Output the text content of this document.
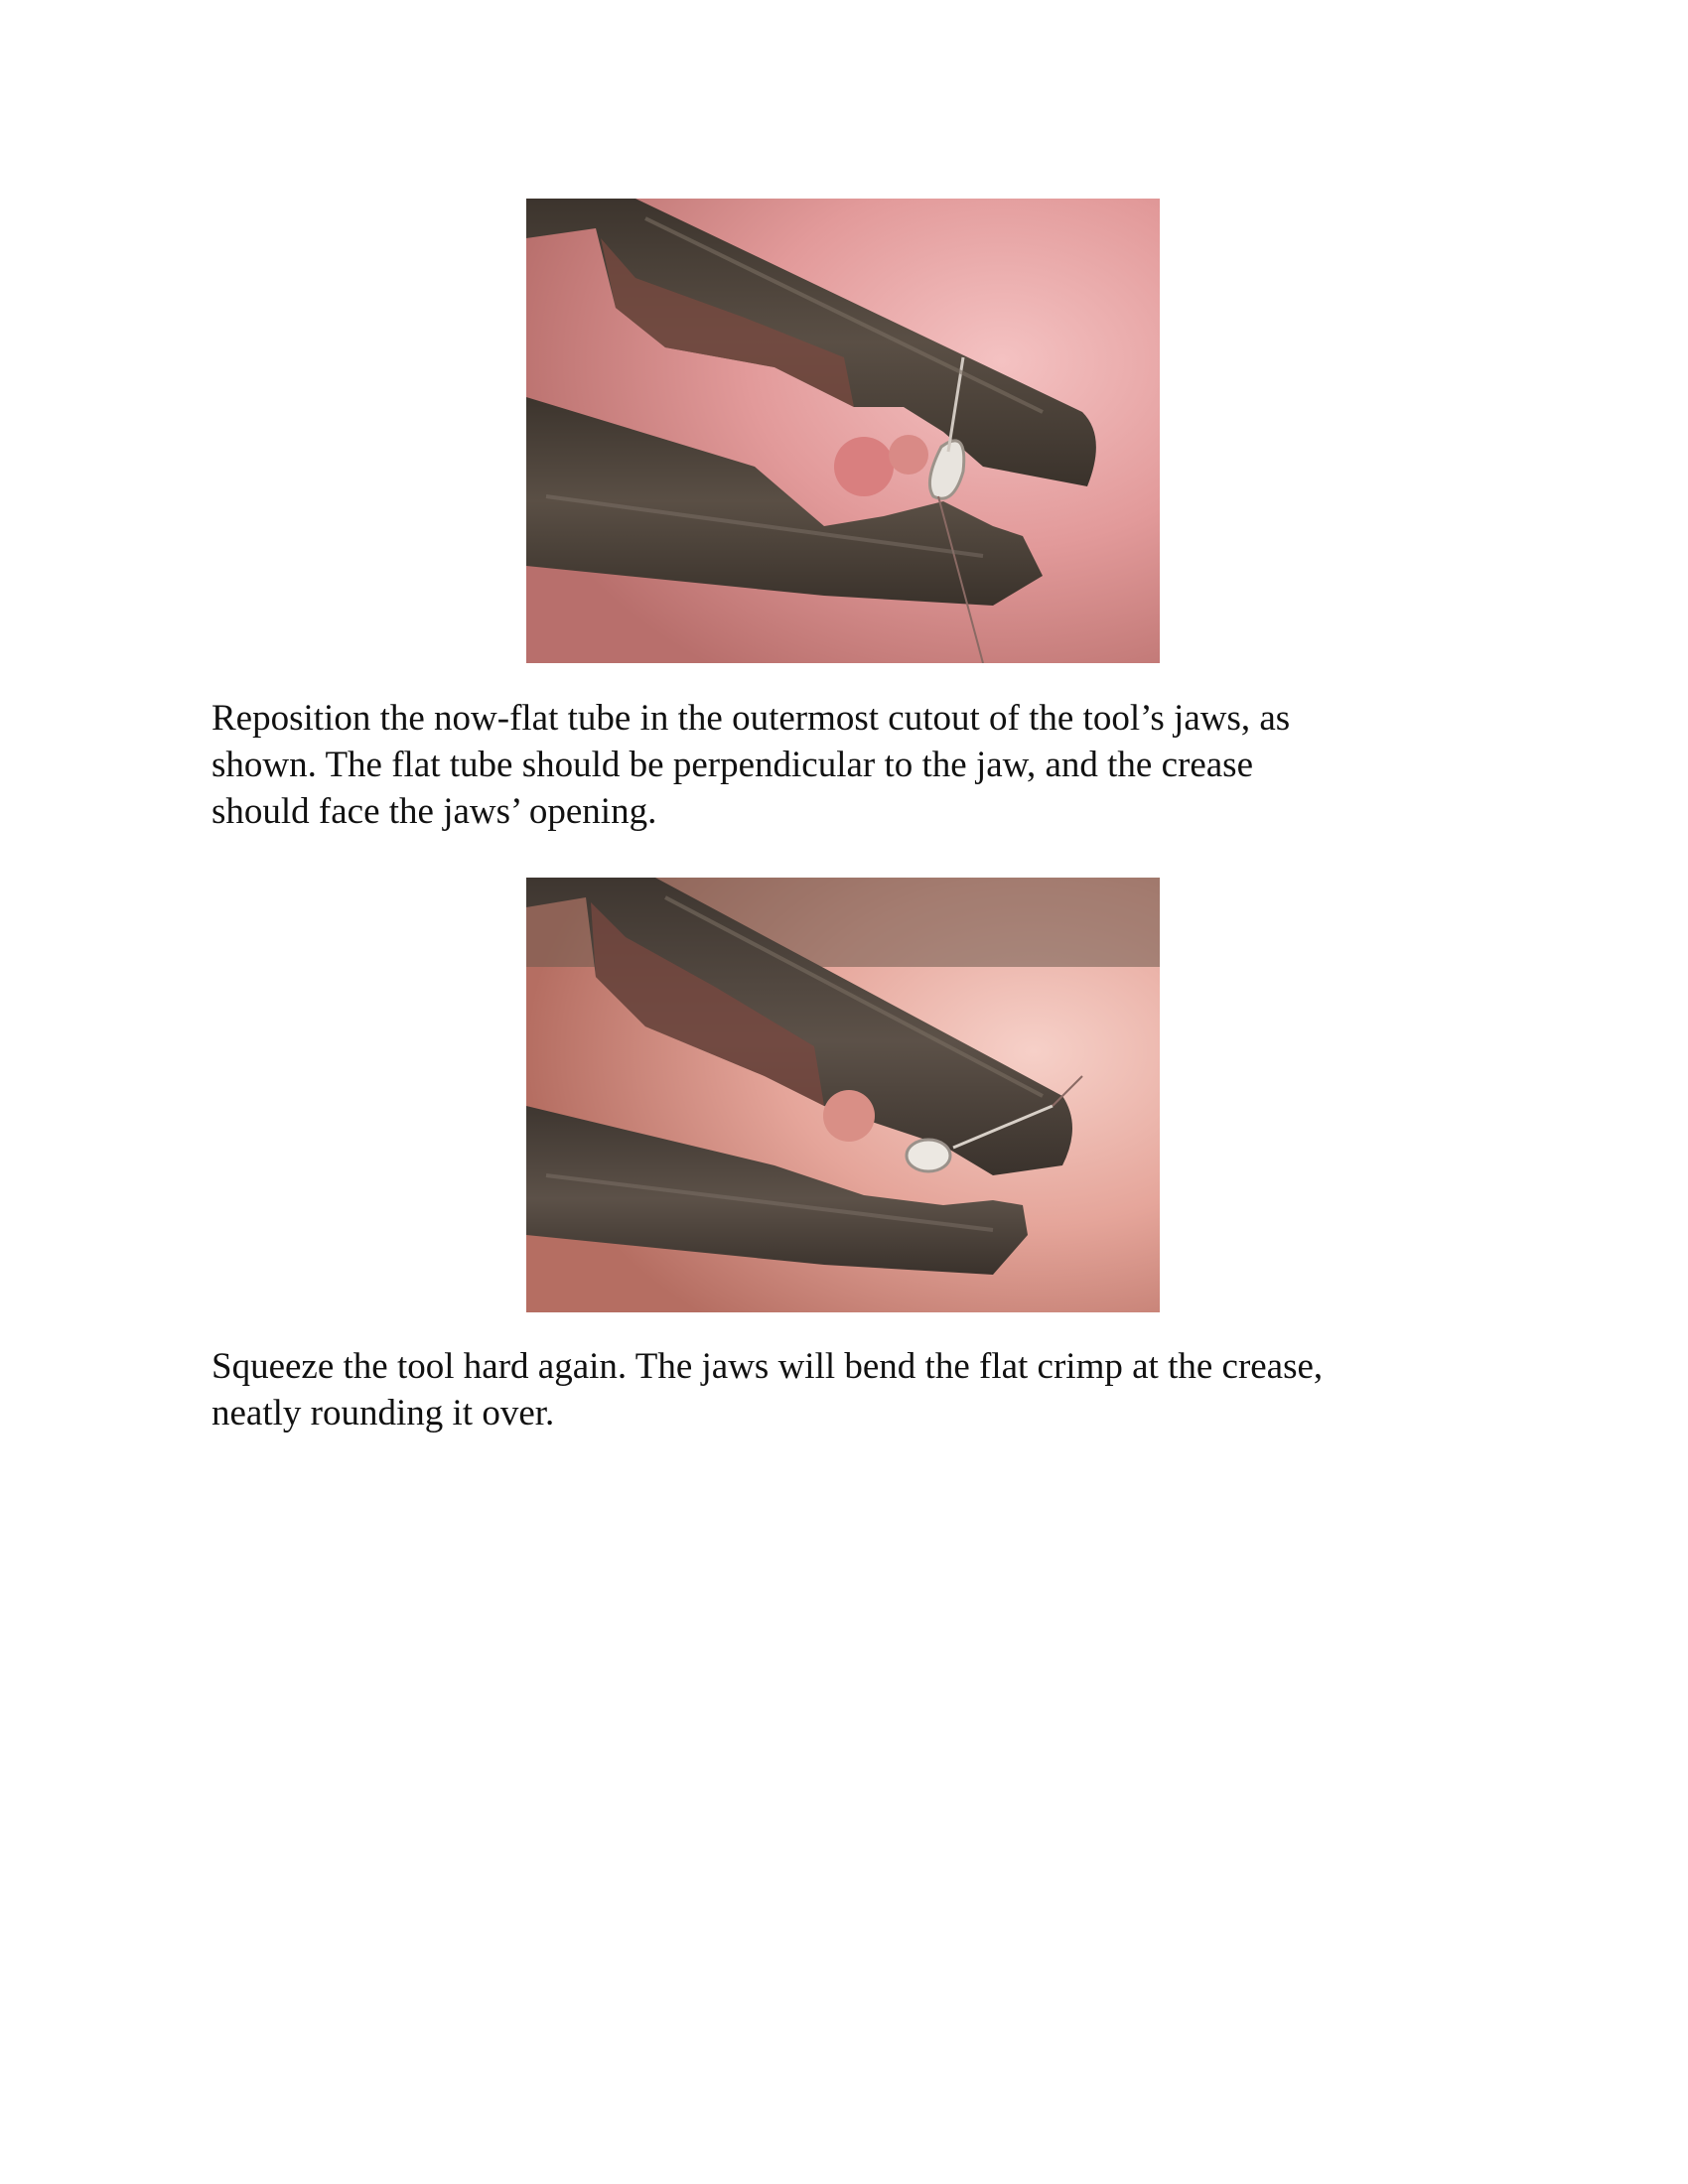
Reposition the now-flat tube in the outermost cutout of the tool’s jaws, as
shown. The flat tube should be perpendicular to the jaw, and the crease
should face the jaws’ opening.

Squeeze the tool hard again. The jaws will bend the flat crimp at the crease,
neatly rounding it over.
